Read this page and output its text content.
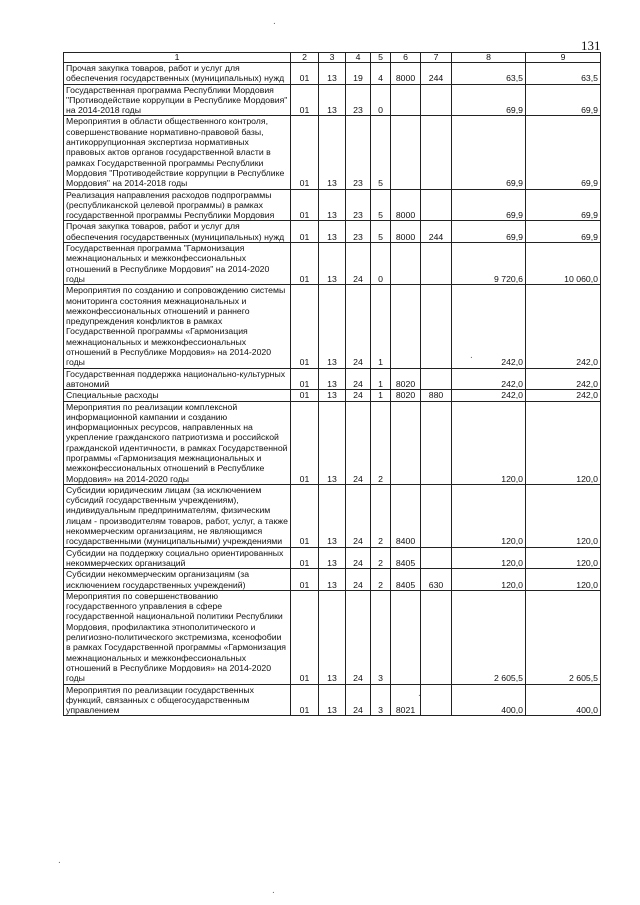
131
1	2	3	4	5	6	7	8	9
Прочая закупка товаров, работ и услуг для обеспечения государственных (муниципальных) нужд	01	13	19	4	8000	244	63,5	63,5
Государственная программа Республики Мордовия "Противодействие коррупции в Республике Мордовия" на 2014-2018 годы	01	13	23	0			69,9	69,9
Мероприятия в области общественного контроля, совершенствование нормативно-правовой базы, антикоррупционная экспертиза нормативных правовых актов органов государственной власти в рамках Государственной программы Республики Мордовия "Противодействие коррупции в Республике Мордовия" на 2014-2018 годы	01	13	23	5			69,9	69,9
Реализация направления расходов подпрограммы (республиканской целевой программы) в рамках государственной программы Республики Мордовия	01	13	23	5	8000		69,9	69,9
Прочая закупка товаров, работ и услуг для обеспечения государственных (муниципальных) нужд	01	13	23	5	8000	244	69,9	69,9
Государственная программа "Гармонизация межнациональных и межконфессиональных отношений в Республике Мордовия" на 2014-2020 годы	01	13	24	0			9 720,6	10 060,0
Мероприятия по созданию и сопровождению системы мониторинга состояния межнациональных и межконфессиональных отношений и раннего предупреждения конфликтов в рамках Государственной программы «Гармонизация межнациональных и межконфессиональных отношений в Республике Мордовия» на 2014-2020 годы	01	13	24	1			242,0	242,0
Государственная поддержка национально-культурных автономий	01	13	24	1	8020		242,0	242,0
Специальные расходы	01	13	24	1	8020	880	242,0	242,0
Мероприятия по реализации комплексной информационной кампании и созданию информационных ресурсов, направленных на укрепление гражданского патриотизма и российской гражданской идентичности, в рамках Государственной программы «Гармонизация межнациональных и межконфессиональных отношений в Республике Мордовия» на 2014-2020 годы	01	13	24	2			120,0	120,0
Субсидии юридическим лицам (за исключением субсидий государственным учреждениям), индивидуальным предпринимателям, физическим лицам - производителям товаров, работ, услуг, а также некоммерческим организациям, не являющимся государственными (муниципальными) учреждениями	01	13	24	2	8400		120,0	120,0
Субсидии на поддержку социально ориентированных некоммерческих организаций	01	13	24	2	8405		120,0	120,0
Субсидии некоммерческим организациям (за исключением государственных учреждений)	01	13	24	2	8405	630	120,0	120,0
Мероприятия по совершенствованию государственного управления в сфере государственной национальной политики Республики Мордовия, профилактика этнополитического и религиозно-политического экстремизма, ксенофобии в рамках Государственной программы «Гармонизация межнациональных и межконфессиональных отношений в Республике Мордовия» на 2014-2020 годы	01	13	24	3			2 605,5	2 605,5
Мероприятия по реализации государственных функций, связанных с общегосударственным управлением	01	13	24	3	8021		400,0	400,0
.
.
.
.
.
